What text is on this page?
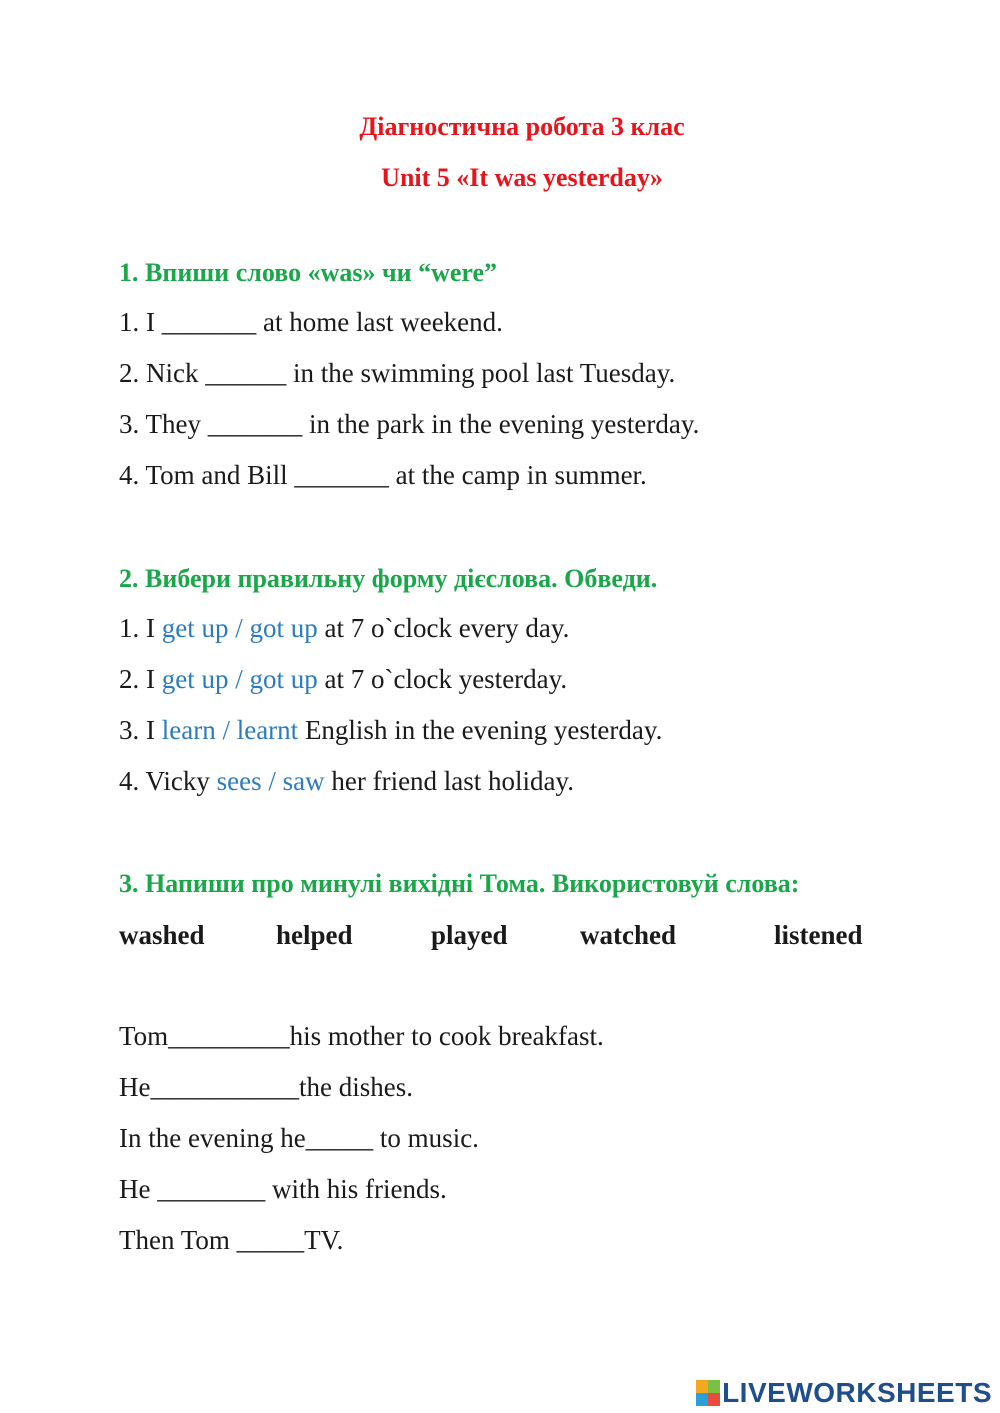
Діагностична робота 3 клас
Unit 5 «It was yesterday»
1. Впиши слово «was» чи “were”
1. I _______ at home last weekend.
2. Nick ______ in the swimming pool last Tuesday.
3. They _______ in the park in the evening yesterday.
4. Tom and Bill _______ at the camp in summer.
2. Вибери правильну форму дієслова. Обведи.
1. I get up / got up at 7 o`clock every day.
2. I get up / got up at 7 o`clock yesterday.
3. I learn / learnt English in the evening yesterday.
4. Vicky sees / saw her friend last holiday.
3. Напиши про минулі вихідні Тома. Використовуй слова:
washed	helped	played	watched	listened
Tom_________his mother to cook breakfast.
He___________the dishes.
In the evening he_____ to music.
He ________ with his friends.
Then Tom _____TV.
LIVEWORKSHEETS
